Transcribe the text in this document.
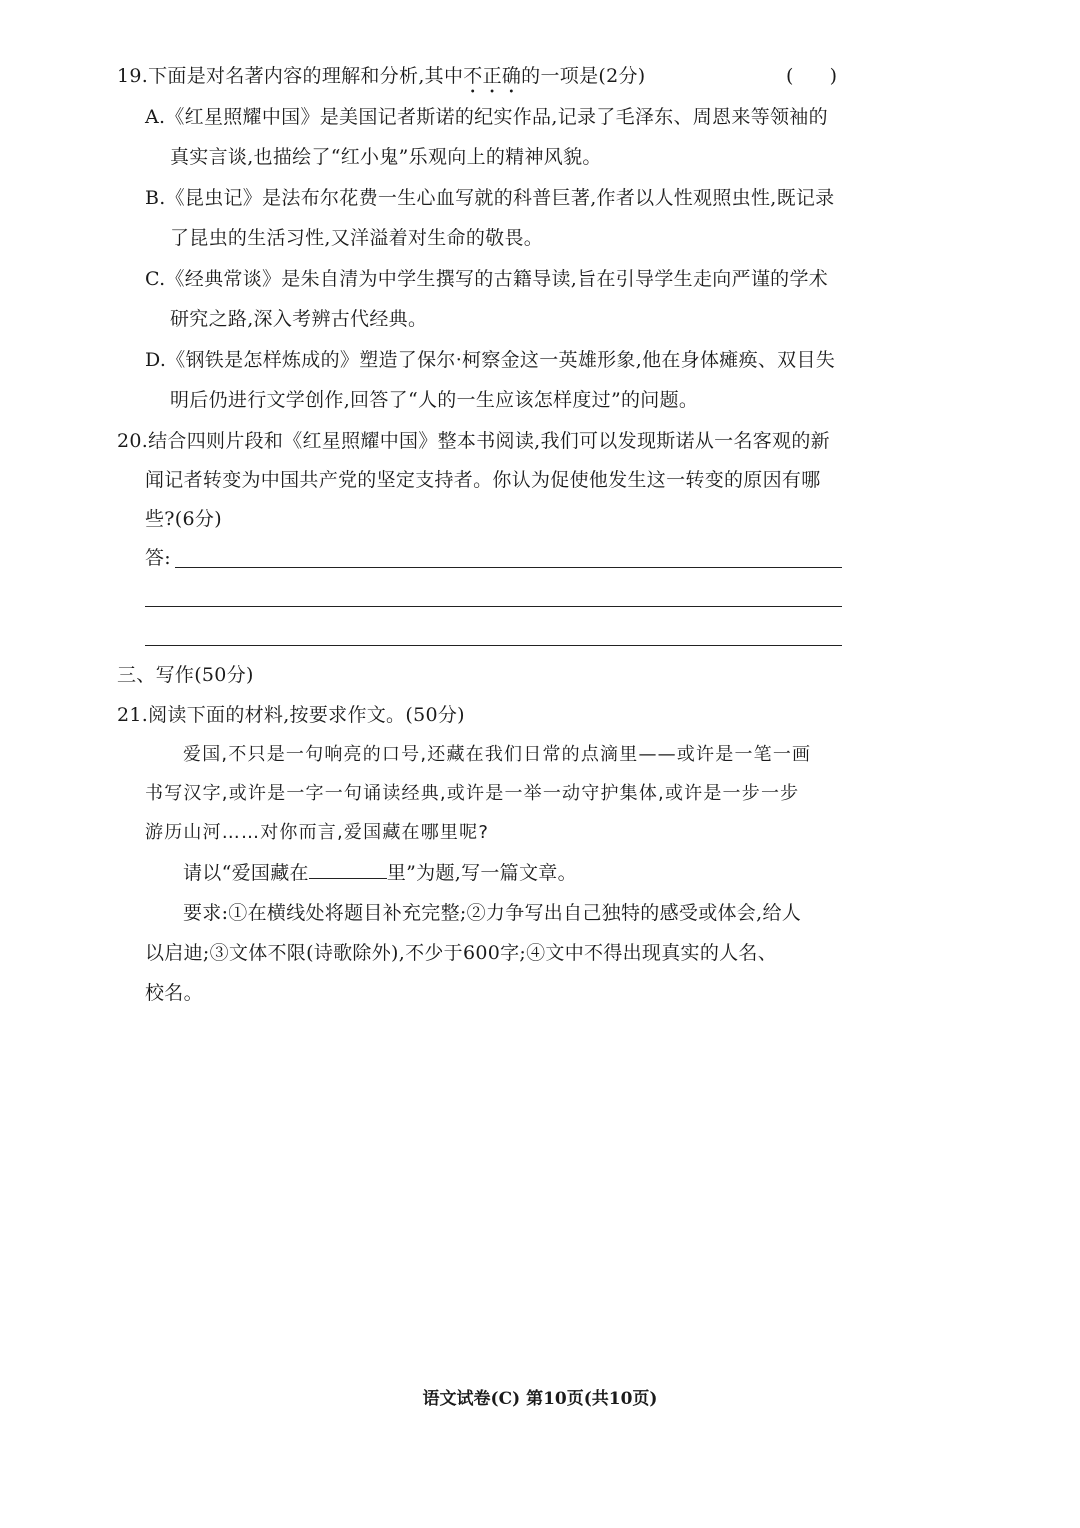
19.下面是对名著内容的理解和分析,其中不正确的一项是(2分)	(      )
A.《红星照耀中国》是美国记者斯诺的纪实作品,记录了毛泽东、周恩来等领袖的
真实言谈,也描绘了“红小鬼”乐观向上的精神风貌。
B.《昆虫记》是法布尔花费一生心血写就的科普巨著,作者以人性观照虫性,既记录
了昆虫的生活习性,又洋溢着对生命的敬畏。
C.《经典常谈》是朱自清为中学生撰写的古籍导读,旨在引导学生走向严谨的学术
研究之路,深入考辨古代经典。
D.《钢铁是怎样炼成的》塑造了保尔·柯察金这一英雄形象,他在身体瘫痪、双目失
明后仍进行文学创作,回答了“人的一生应该怎样度过”的问题。
20.结合四则片段和《红星照耀中国》整本书阅读,我们可以发现斯诺从一名客观的新
闻记者转变为中国共产党的坚定支持者。你认为促使他发生这一转变的原因有哪
些?(6分)
答:
三、写作(50分)
21.阅读下面的材料,按要求作文。(50分)
爱国,不只是一句响亮的口号,还藏在我们日常的点滴里——或许是一笔一画
书写汉字,或许是一字一句诵读经典,或许是一举一动守护集体,或许是一步一步
游历山河……对你而言,爱国藏在哪里呢?
请以“爱国藏在	里”为题,写一篇文章。
要求:①在横线处将题目补充完整;②力争写出自己独特的感受或体会,给人
以启迪;③文体不限(诗歌除外),不少于600字;④文中不得出现真实的人名、
校名。
语文试卷(C) 第10页(共10页)
